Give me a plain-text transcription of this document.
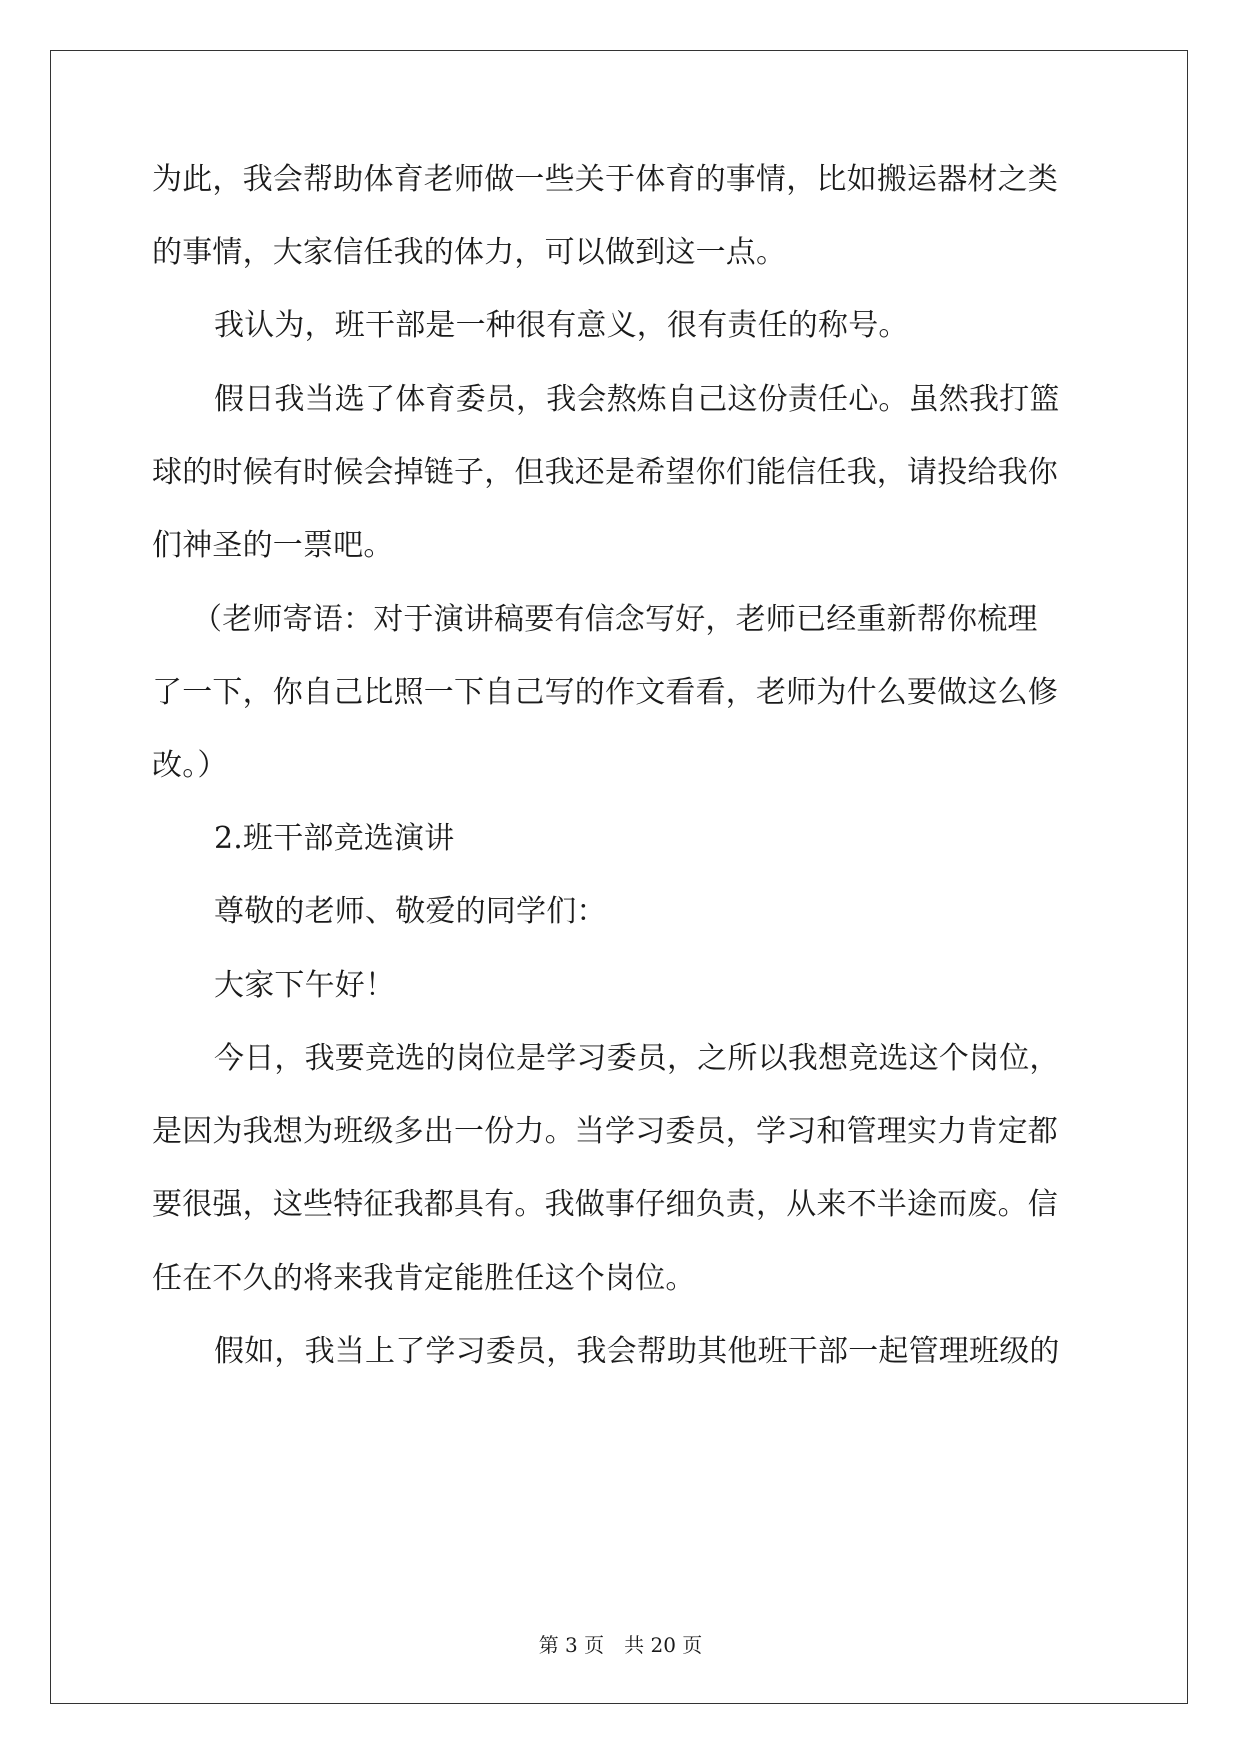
为此，我会帮助体育老师做一些关于体育的事情，比如搬运器材之类
的事情，大家信任我的体力，可以做到这一点。
我认为，班干部是一种很有意义，很有责任的称号。
假日我当选了体育委员，我会熬炼自己这份责任心。虽然我打篮
球的时候有时候会掉链子，但我还是希望你们能信任我，请投给我你
们神圣的一票吧。
（老师寄语：对于演讲稿要有信念写好，老师已经重新帮你梳理
了一下，你自己比照一下自己写的作文看看，老师为什么要做这么修
改。）
2.班干部竞选演讲
尊敬的老师、敬爱的同学们：
大家下午好！
今日，我要竞选的岗位是学习委员，之所以我想竞选这个岗位，
是因为我想为班级多出一份力。当学习委员，学习和管理实力肯定都
要很强，这些特征我都具有。我做事仔细负责，从来不半途而废。信
任在不久的将来我肯定能胜任这个岗位。
假如，我当上了学习委员，我会帮助其他班干部一起管理班级的
第 3 页　共 20 页
